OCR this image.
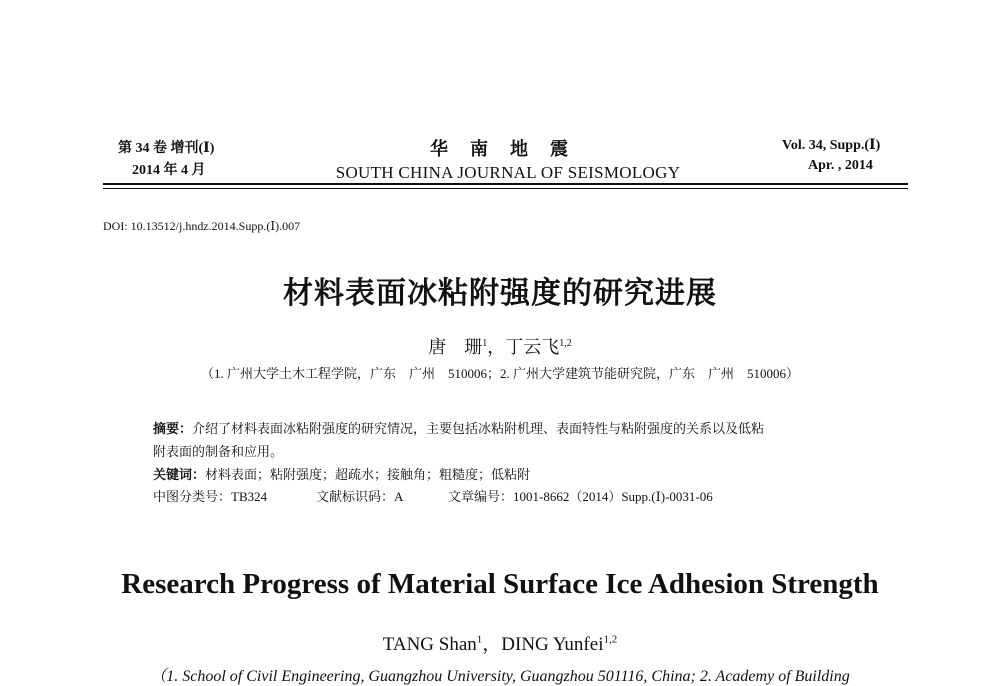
第 34 卷 增刊(Ⅰ)
2014 年 4 月
华　南　地　震
SOUTH CHINA JOURNAL OF SEISMOLOGY
Vol. 34, Supp.(Ⅰ)
Apr. , 2014
DOI: 10.13512/j.hndz.2014.Supp.(Ⅰ).007
材料表面冰粘附强度的研究进展
唐　珊$^1$，丁云飞$^{1,2}$
（1. 广州大学土木工程学院，广东　广州　510006；2. 广州大学建筑节能研究院，广东　广州　510006）
摘要：介绍了材料表面冰粘附强度的研究情况，主要包括冰粘附机理、表面特性与粘附强度的关系以及低粘
附表面的制备和应用。
关键词：材料表面；粘附强度；超疏水；接触角；粗糙度；低粘附
中图分类号：TB324	文献标识码：A	文章编号：1001-8662（2014）Supp.(Ⅰ)-0031-06
Research Progress of Material Surface Ice Adhesion Strength
TANG Shan$^1$，DING Yunfei$^{1,2}$
（1. School of Civil Engineering, Guangzhou University, Guangzhou 501116, China; 2. Academy of Building
